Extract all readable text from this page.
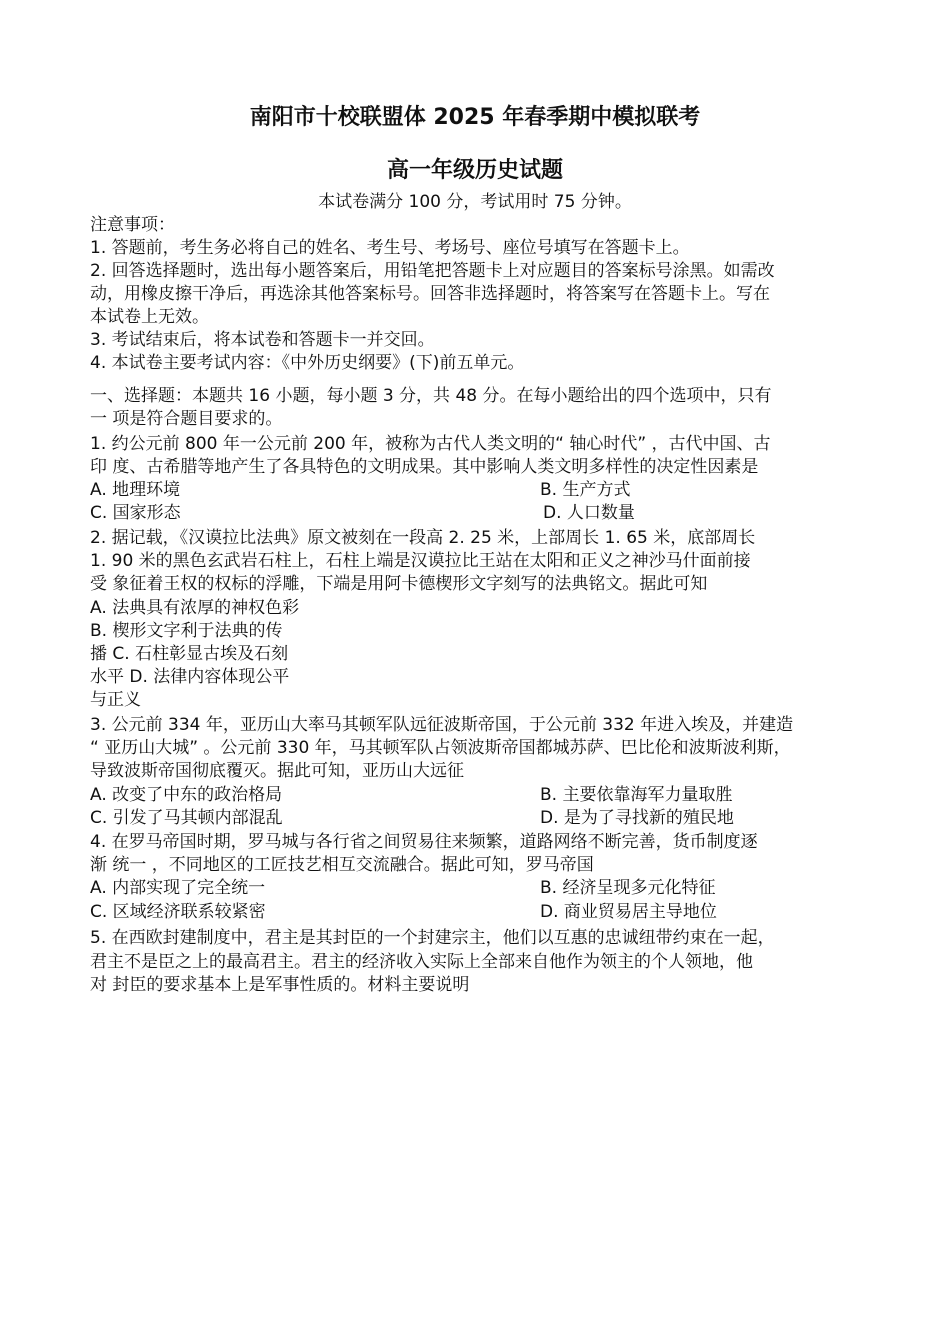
南阳市十校联盟体 2025 年春季期中模拟联考
高一年级历史试题
本试卷满分 100 分，考试用时 75 分钟。
注意事项：
1. 答题前，考生务必将自己的姓名、考生号、考场号、座位号填写在答题卡上。
2. 回答选择题时，选出每小题答案后，用铅笔把答题卡上对应题目的答案标号涂黑。如需改
动，用橡皮擦干净后，再选涂其他答案标号。回答非选择题时，将答案写在答题卡上。写在
本试卷上无效。
3. 考试结束后，将本试卷和答题卡一并交回。
4. 本试卷主要考试内容：《中外历史纲要》(下)前五单元。
一、选择题：本题共 16 小题，每小题 3 分，共 48 分。在每小题给出的四个选项中，只有
一 项是符合题目要求的。
1. 约公元前 800 年一公元前 200 年，被称为古代人类文明的“ 轴心时代” ，古代中国、古
印 度、古希腊等地产生了各具特色的文明成果。其中影响人类文明多样性的决定性因素是
A. 地理环境	B. 生产方式
C. 国家形态	D. 人口数量
2. 据记载，《汉谟拉比法典》原文被刻在一段高 2. 25 米，上部周长 1. 65 米，底部周长
1. 90 米的黑色玄武岩石柱上，石柱上端是汉谟拉比王站在太阳和正义之神沙马什面前接
受 象征着王权的权标的浮雕，下端是用阿卡德楔形文字刻写的法典铭文。据此可知
A. 法典具有浓厚的神权色彩
B. 楔形文字利于法典的传
播 C. 石柱彰显古埃及石刻
水平 D. 法律内容体现公平
与正义
3. 公元前 334 年，亚历山大率马其顿军队远征波斯帝国，于公元前 332 年进入埃及，并建造
“ 亚历山大城” 。公元前 330 年，马其顿军队占领波斯帝国都城苏萨、巴比伦和波斯波利斯，
导致波斯帝国彻底覆灭。据此可知，亚历山大远征
A. 改变了中东的政治格局	B. 主要依靠海军力量取胜
C. 引发了马其顿内部混乱	D. 是为了寻找新的殖民地
4. 在罗马帝国时期，罗马城与各行省之间贸易往来频繁，道路网络不断完善，货币制度逐
渐 统一 ，不同地区的工匠技艺相互交流融合。据此可知，罗马帝国
A. 内部实现了完全统一	B. 经济呈现多元化特征
C. 区域经济联系较紧密	D. 商业贸易居主导地位
5. 在西欧封建制度中，君主是其封臣的一个封建宗主，他们以互惠的忠诚纽带约束在一起，
君主不是臣之上的最高君主。君主的经济收入实际上全部来自他作为领主的个人领地，他
对 封臣的要求基本上是军事性质的。材料主要说明
